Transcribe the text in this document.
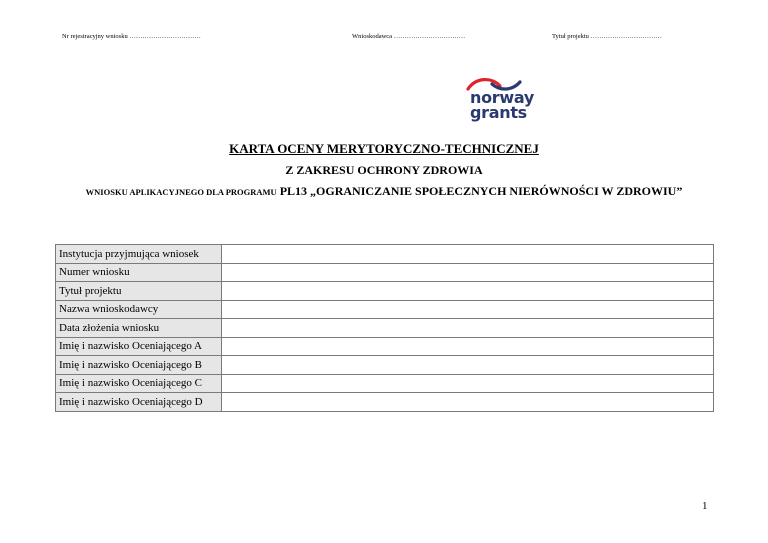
Nr rejestracyjny wniosku ……………………………	Wnioskodawca ……………………………	Tytuł projektu ……………………………
norway
grants
KARTA OCENY MERYTORYCZNO-TECHNICZNEJ
Z ZAKRESU OCHRONY ZDROWIA
WNIOSKU APLIKACYJNEGO DLA PROGRAMU PL13 „OGRANICZANIE SPOŁECZNYCH NIERÓWNOŚCI W ZDROWIU”
Instytucja przyjmująca wniosek	
Numer wniosku	
Tytuł projektu	
Nazwa wnioskodawcy	
Data złożenia wniosku	
Imię i nazwisko Oceniającego A	
Imię i nazwisko Oceniającego B	
Imię i nazwisko Oceniającego C	
Imię i nazwisko Oceniającego D	
1
